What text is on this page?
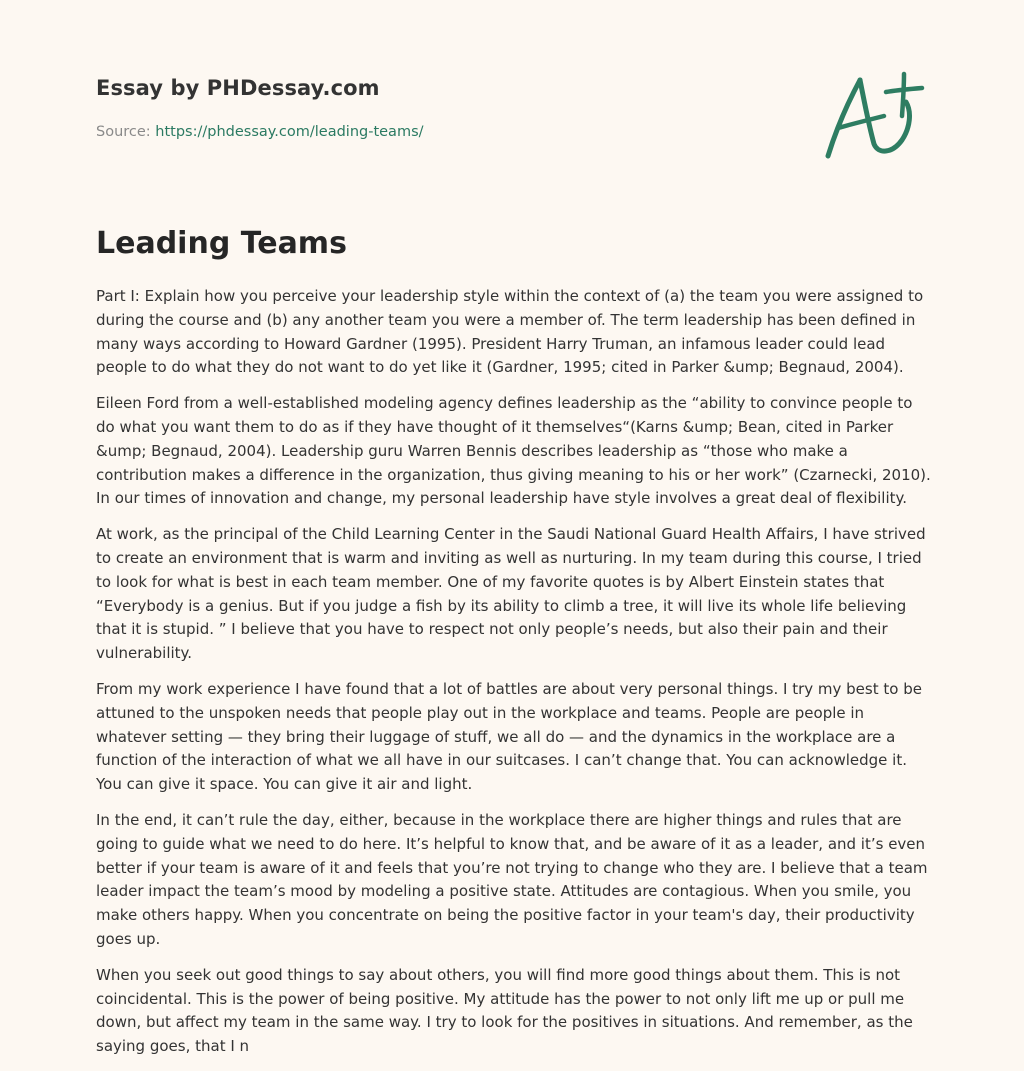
Essay by PHDessay.com

Source: https://phdessay.com/leading-teams/

Leading Teams

Part I: Explain how you perceive your leadership style within the context of (a) the team you were assigned to during the course and (b) any another team you were a member of. The term leadership has been defined in many ways according to Howard Gardner (1995). President Harry Truman, an infamous leader could lead people to do what they do not want to do yet like it (Gardner, 1995; cited in Parker &ump; Begnaud, 2004).

Eileen Ford from a well-established modeling agency defines leadership as the “ability to convince people to do what you want them to do as if they have thought of it themselves“(Karns &ump; Bean, cited in Parker &ump; Begnaud, 2004). Leadership guru Warren Bennis describes leadership as “those who make a contribution makes a difference in the organization, thus giving meaning to his or her work” (Czarnecki, 2010). In our times of innovation and change, my personal leadership have style involves a great deal of flexibility.

At work, as the principal of the Child Learning Center in the Saudi National Guard Health Affairs, I have strived to create an environment that is warm and inviting as well as nurturing. In my team during this course, I tried to look for what is best in each team member. One of my favorite quotes is by Albert Einstein states that “Everybody is a genius. But if you judge a fish by its ability to climb a tree, it will live its whole life believing that it is stupid. ” I believe that you have to respect not only people’s needs, but also their pain and their vulnerability.

From my work experience I have found that a lot of battles are about very personal things. I try my best to be attuned to the unspoken needs that people play out in the workplace and teams. People are people in whatever setting — they bring their luggage of stuff, we all do — and the dynamics in the workplace are a function of the interaction of what we all have in our suitcases. I can’t change that. You can acknowledge it. You can give it space. You can give it air and light.

In the end, it can’t rule the day, either, because in the workplace there are higher things and rules that are going to guide what we need to do here. It’s helpful to know that, and be aware of it as a leader, and it’s even better if your team is aware of it and feels that you’re not trying to change who they are. I believe that a team leader impact the team’s mood by modeling a positive state. Attitudes are contagious. When you smile, you make others happy. When you concentrate on being the positive factor in your team's day, their productivity goes up.

When you seek out good things to say about others, you will find more good things about them. This is not coincidental. This is the power of being positive. My attitude has the power to not only lift me up or pull me down, but affect my team in the same way. I try to look for the positives in situations. And remember, as the saying goes, that I n
